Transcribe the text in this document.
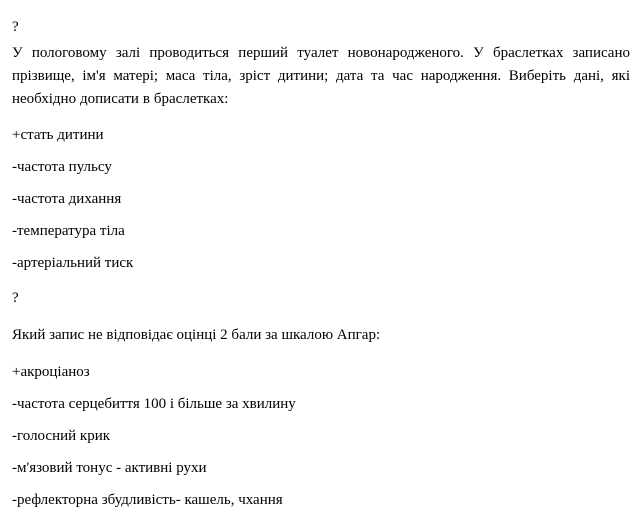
?

У пологовому залі проводиться перший туалет новонародженого. У браслетках записано прізвище, ім'я матері; маса тіла, зріст дитини; дата та час народження. Виберіть дані, які необхідно дописати в браслетках:

+стать дитини
-частота пульсу
-частота дихання
-температура тіла
-артеріальний тиск

?

Який запис не відповідає оцінці 2 бали за шкалою Апгар:

+акроціаноз
-частота серцебиття 100 і більше за хвилину
-голосний крик
-м'язовий тонус - активні рухи
-рефлекторна збудливість- кашель, чхання
